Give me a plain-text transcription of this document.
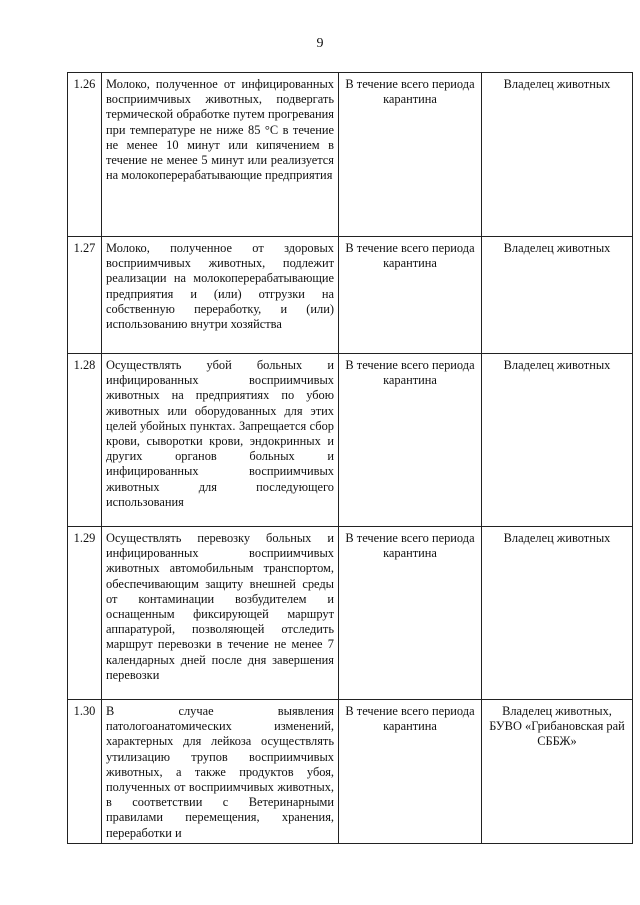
9
1.26	Молоко, полученное от инфицированных восприимчивых животных, подвергать термической обработке путем прогревания при температуре не ниже 85 °С в течение не менее 10 минут или кипячением в течение не менее 5 минут или реализуется на молокоперерабатывающие предприятия	В течение всего периода карантина	Владелец животных

1.27	Молоко, полученное от здоровых восприимчивых животных, подлежит реализации на молокоперерабатывающие предприятия и (или) отгрузки на собственную переработку, и (или) использованию внутри хозяйства	В течение всего периода карантина	Владелец животных

1.28	Осуществлять убой больных и инфицированных восприимчивых животных на предприятиях по убою животных или оборудованных для этих целей убойных пунктах. Запрещается сбор крови, сыворотки крови, эндокринных и других органов больных и инфицированных восприимчивых животных для последующего использования	В течение всего периода карантина	Владелец животных

1.29	Осуществлять перевозку больных и инфицированных восприимчивых животных автомобильным транспортом, обеспечивающим защиту внешней среды от контаминации возбудителем и оснащенным фиксирующей маршрут аппаратурой, позволяющей отследить маршрут перевозки в течение не менее 7 календарных дней после дня завершения перевозки	В течение всего периода карантина	Владелец животных

1.30	В случае выявления патологоанатомических изменений, характерных для лейкоза осуществлять утилизацию трупов восприимчивых животных, а также продуктов убоя, полученных от восприимчивых животных, в соответствии с Ветеринарными правилами перемещения, хранения, переработки и	В течение всего периода карантина	Владелец животных, БУВО «Грибановская рай СББЖ»
